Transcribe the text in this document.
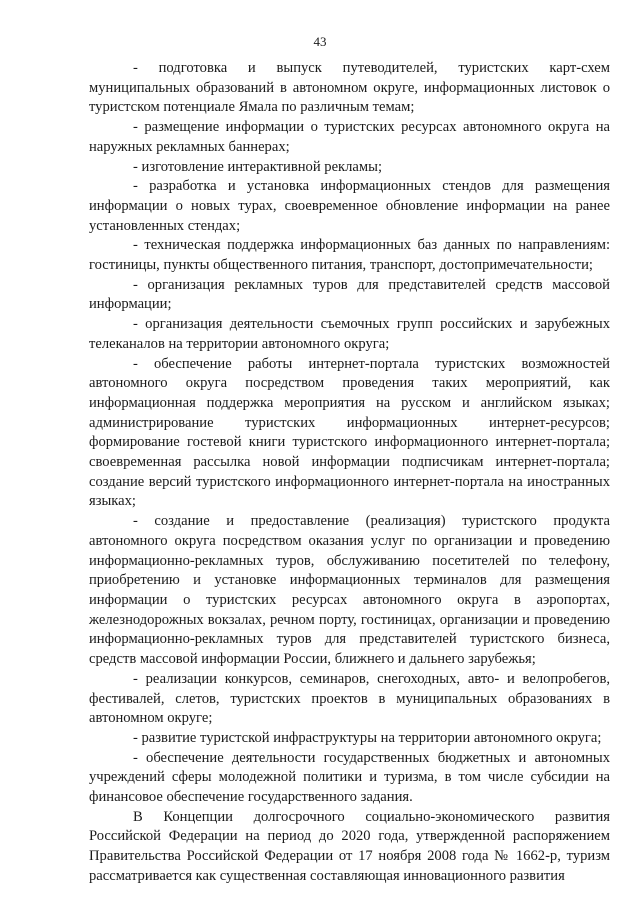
43

- подготовка и выпуск путеводителей, туристских карт-схем муниципальных образований в автономном округе, информационных листовок о туристском потенциале Ямала по различным темам;

- размещение информации о туристских ресурсах автономного округа на наружных рекламных баннерах;

- изготовление интерактивной рекламы;

- разработка и установка информационных стендов для размещения информации о новых турах, своевременное обновление информации на ранее установленных стендах;

- техническая поддержка информационных баз данных по направлениям: гостиницы, пункты общественного питания, транспорт, достопримечательности;

- организация рекламных туров для представителей средств массовой информации;

- организация деятельности съемочных групп российских и зарубежных телеканалов на территории автономного округа;

- обеспечение работы интернет-портала туристских возможностей автономного округа посредством проведения таких мероприятий, как информационная поддержка мероприятия на русском и английском языках; администрирование туристских информационных интернет-ресурсов; формирование гостевой книги туристского информационного интернет-портала; своевременная рассылка новой информации подписчикам интернет-портала; создание версий туристского информационного интернет-портала на иностранных языках;

- создание и предоставление (реализация) туристского продукта автономного округа посредством оказания услуг по организации и проведению информационно-рекламных туров, обслуживанию посетителей по телефону, приобретению и установке информационных терминалов для размещения информации о туристских ресурсах автономного округа в аэропортах, железнодорожных вокзалах, речном порту, гостиницах, организации и проведению информационно-рекламных туров для представителей туристского бизнеса, средств массовой информации России, ближнего и дальнего зарубежья;

- реализации конкурсов, семинаров, снегоходных, авто- и велопробегов, фестивалей, слетов, туристских проектов в муниципальных образованиях в автономном округе;

- развитие туристской инфраструктуры на территории автономного округа;

- обеспечение деятельности государственных бюджетных и автономных учреждений сферы молодежной политики и туризма, в том числе субсидии на финансовое обеспечение государственного задания.

В Концепции долгосрочного социально-экономического развития Российской Федерации на период до 2020 года, утвержденной распоряжением Правительства Российской Федерации от 17 ноября 2008 года № 1662-р, туризм рассматривается как существенная составляющая инновационного развития
